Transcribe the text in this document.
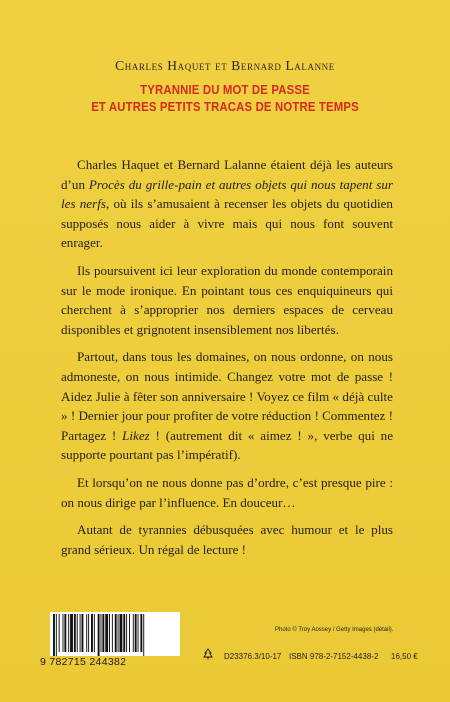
Charles Haquet et Bernard Lalanne
TYRANNIE DU MOT DE PASSE
ET AUTRES PETITS TRACAS DE NOTRE TEMPS

Charles Haquet et Bernard Lalanne étaient déjà les auteurs d’un Procès du grille-pain et autres objets qui nous tapent sur les nerfs, où ils s’amusaient à recenser les objets du quotidien supposés nous aider à vivre mais qui nous font souvent enrager.

Ils poursuivent ici leur exploration du monde contemporain sur le mode ironique. En pointant tous ces enquiquineurs qui cherchent à s’approprier nos derniers espaces de cerveau disponibles et grignotent insensiblement nos libertés.

Partout, dans tous les domaines, on nous ordonne, on nous admoneste, on nous intimide. Changez votre mot de passe ! Aidez Julie à fêter son anniversaire ! Voyez ce film « déjà culte » ! Dernier jour pour profiter de votre réduction ! Commentez ! Partagez ! Likez ! (autrement dit « aimez ! », verbe qui ne supporte pourtant pas l’impératif).

Et lorsqu’on ne nous donne pas d’ordre, c’est presque pire : on nous dirige par l’influence. En douceur…

Autant de tyrannies débusquées avec humour et le plus grand sérieux. Un régal de lecture !

Photo © Troy Aossey / Getty Images (détail).
9 782715 244382	D23376.3/10-17 ISBN 978-2-7152-4438-2 16,50 €
